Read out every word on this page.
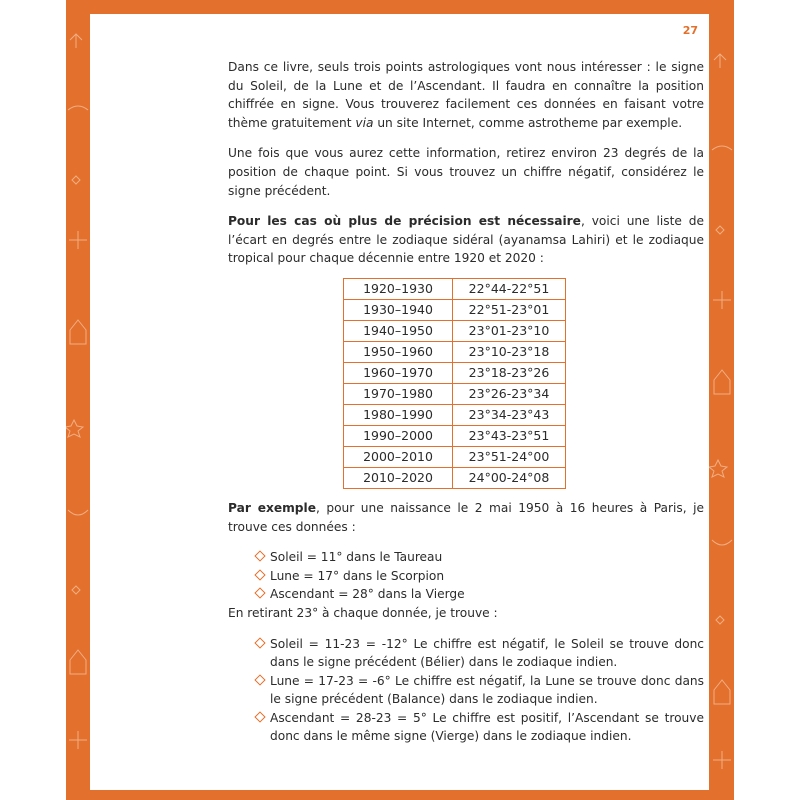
27

Dans ce livre, seuls trois points astrologiques vont nous intéresser : le signe du Soleil, de la Lune et de l’Ascendant. Il faudra en connaître la position chiffrée en signe. Vous trouverez facilement ces données en faisant votre thème gratuitement via un site Internet, comme astrotheme par exemple.

Une fois que vous aurez cette information, retirez environ 23 degrés de la position de chaque point. Si vous trouvez un chiffre négatif, considérez le signe précédent.

Pour les cas où plus de précision est nécessaire, voici une liste de l’écart en degrés entre le zodiaque sidéral (ayanamsa Lahiri) et le zodiaque tropical pour chaque décennie entre 1920 et 2020 :

1920–1930	22°44-22°51
1930–1940	22°51-23°01
1940–1950	23°01-23°10
1950–1960	23°10-23°18
1960–1970	23°18-23°26
1970–1980	23°26-23°34
1980–1990	23°34-23°43
1990–2000	23°43-23°51
2000–2010	23°51-24°00
2010–2020	24°00-24°08

Par exemple, pour une naissance le 2 mai 1950 à 16 heures à Paris, je trouve ces données :

Soleil = 11° dans le Taureau
Lune = 17° dans le Scorpion
Ascendant = 28° dans la Vierge

En retirant 23° à chaque donnée, je trouve :

Soleil = 11-23 = -12° Le chiffre est négatif, le Soleil se trouve donc dans le signe précédent (Bélier) dans le zodiaque indien.
Lune = 17-23 = -6° Le chiffre est négatif, la Lune se trouve donc dans le signe précédent (Balance) dans le zodiaque indien.
Ascendant = 28-23 = 5° Le chiffre est positif, l’Ascendant se trouve donc dans le même signe (Vierge) dans le zodiaque indien.
